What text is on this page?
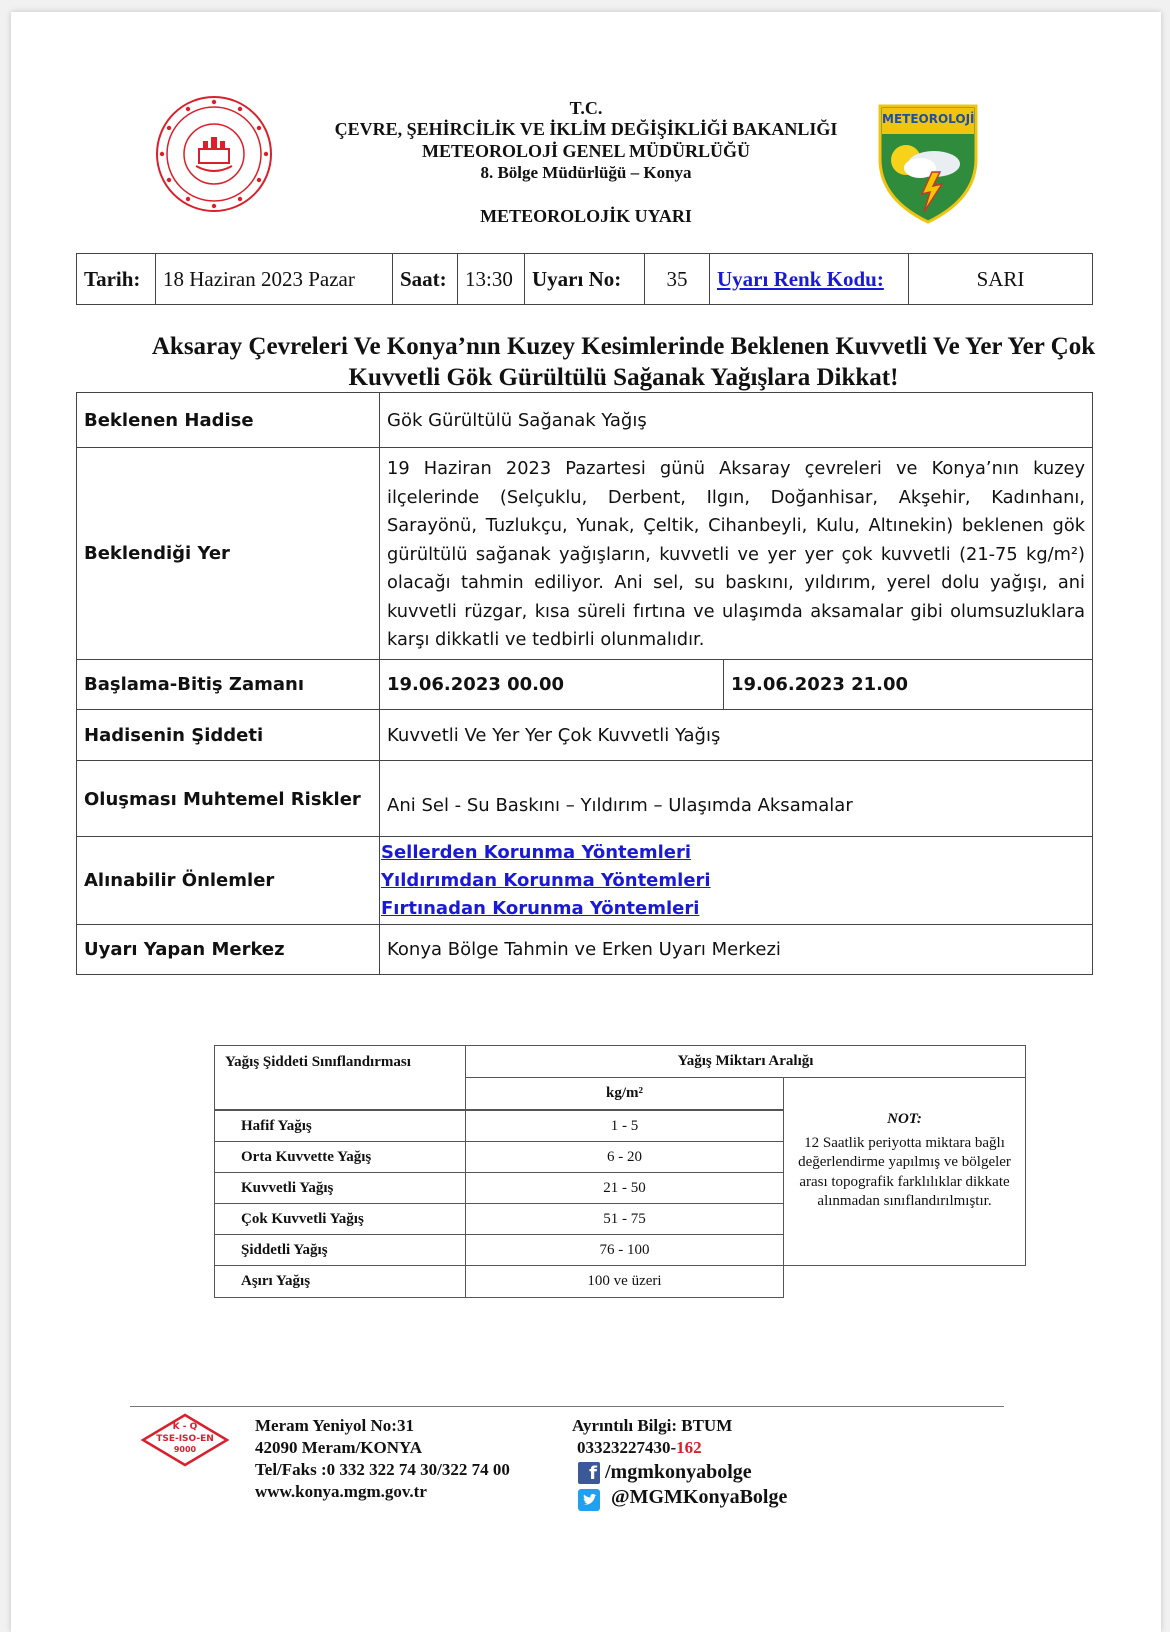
T.C.
ÇEVRE, ŞEHİRCİLİK VE İKLİM DEĞİŞİKLİĞİ BAKANLIĞI
METEOROLOJİ GENEL MÜDÜRLÜĞÜ
8. Bölge Müdürlüğü – Konya
METEOROLOJİK UYARI
METEOROLOJİ
Tarih:	18 Haziran 2023 Pazar	Saat:	13:30	Uyarı No:	35	Uyarı Renk Kodu:	SARI
Aksaray Çevreleri Ve Konya’nın Kuzey Kesimlerinde Beklenen Kuvvetli Ve Yer Yer Çok Kuvvetli Gök Gürültülü Sağanak Yağışlara Dikkat!
Beklenen Hadise	Gök Gürültülü Sağanak Yağış	
Beklendiği Yer	19 Haziran 2023 Pazartesi günü Aksaray çevreleri ve Konya’nın kuzey ilçelerinde (Selçuklu, Derbent, Ilgın, Doğanhisar, Akşehir, Kadınhanı, Sarayönü, Tuzlukçu, Yunak, Çeltik, Cihanbeyli, Kulu, Altınekin) beklenen gök gürültülü sağanak yağışların, kuvvetli ve yer yer çok kuvvetli (21-75 kg/m²) olacağı tahmin ediliyor. Ani sel, su baskını, yıldırım, yerel dolu yağışı, ani kuvvetli rüzgar, kısa süreli fırtına ve ulaşımda aksamalar gibi olumsuzluklara karşı dikkatli ve tedbirli olunmalıdır.	
Başlama-Bitiş Zamanı	19.06.2023 00.00	19.06.2023 21.00
Hadisenin Şiddeti	Kuvvetli Ve Yer Yer Çok Kuvvetli Yağış	
Oluşması Muhtemel Riskler	Ani Sel - Su Baskını – Yıldırım – Ulaşımda Aksamalar	
Alınabilir Önlemler	Sellerden Korunma Yöntemleri
Yıldırımdan Korunma Yöntemleri
Fırtınadan Korunma Yöntemleri	

Uyarı Yapan Merkez	Konya Bölge Tahmin ve Erken Uyarı Merkezi	
Yağış Şiddeti Sınıflandırması	Yağış Miktarı Aralığı	
	kg/m²	NOT:
12 Saatlik periyotta miktara bağlı değerlendirme yapılmış ve bölgeler arası topografik farklılıklar dikkate alınmadan sınıflandırılmıştır.

Hafif Yağış	1 - 5	
Orta Kuvvette Yağış	6 - 20	
Kuvvetli Yağış	21 - 50	
Çok Kuvvetli Yağış	51 - 75	
Şiddetli Yağış	76 - 100	
Aşırı Yağış	100 ve üzeri	
K - Q
TSE-ISO-EN
9000
Meram Yeniyol No:31
42090 Meram/KONYA
Tel/Faks :0 332 322 74 30/322 74 00
www.konya.mgm.gov.tr
Ayrıntılı Bilgi: BTUM
03323227430-162
f /mgmkonyabolge
@MGMKonyaBolge
